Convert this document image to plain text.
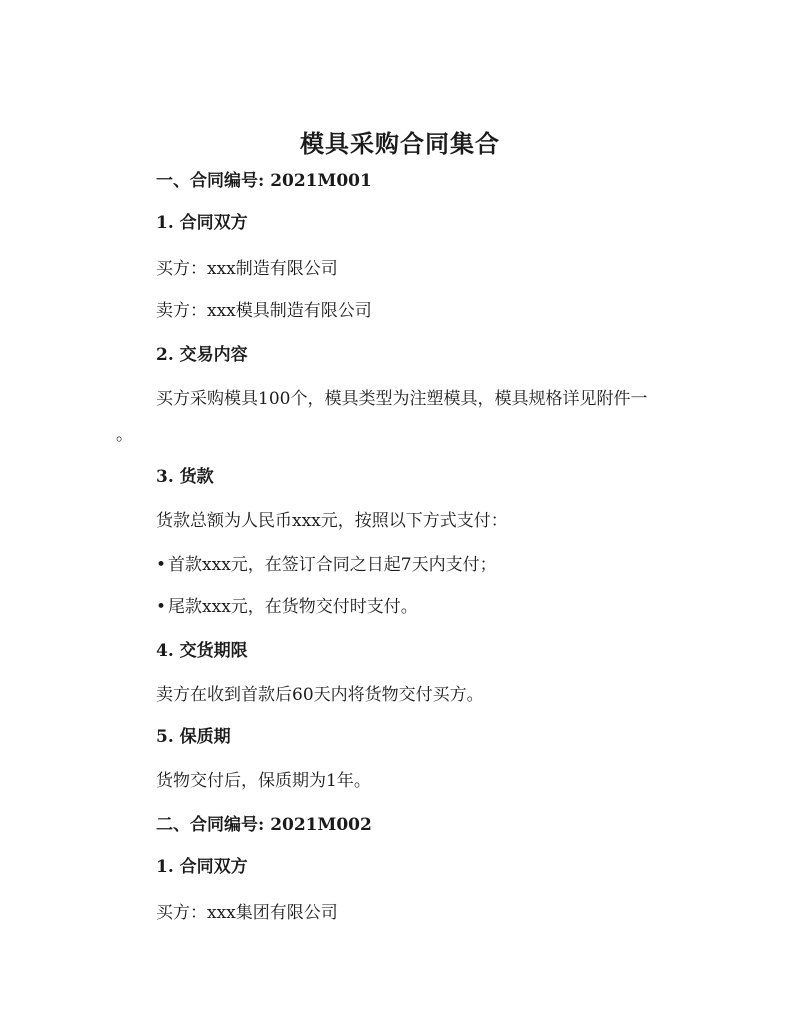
模具采购合同集合
一、合同编号: 2021M001
1. 合同双方
买方：xxx制造有限公司
卖方：xxx模具制造有限公司
2. 交易内容
买方采购模具100个，模具类型为注塑模具，模具规格详见附件一
。
3. 货款
货款总额为人民币xxx元，按照以下方式支付：
• 首款xxx元，在签订合同之日起7天内支付；
• 尾款xxx元，在货物交付时支付。
4. 交货期限
卖方在收到首款后60天内将货物交付买方。
5. 保质期
货物交付后，保质期为1年。
二、合同编号: 2021M002
1. 合同双方
买方：xxx集团有限公司
